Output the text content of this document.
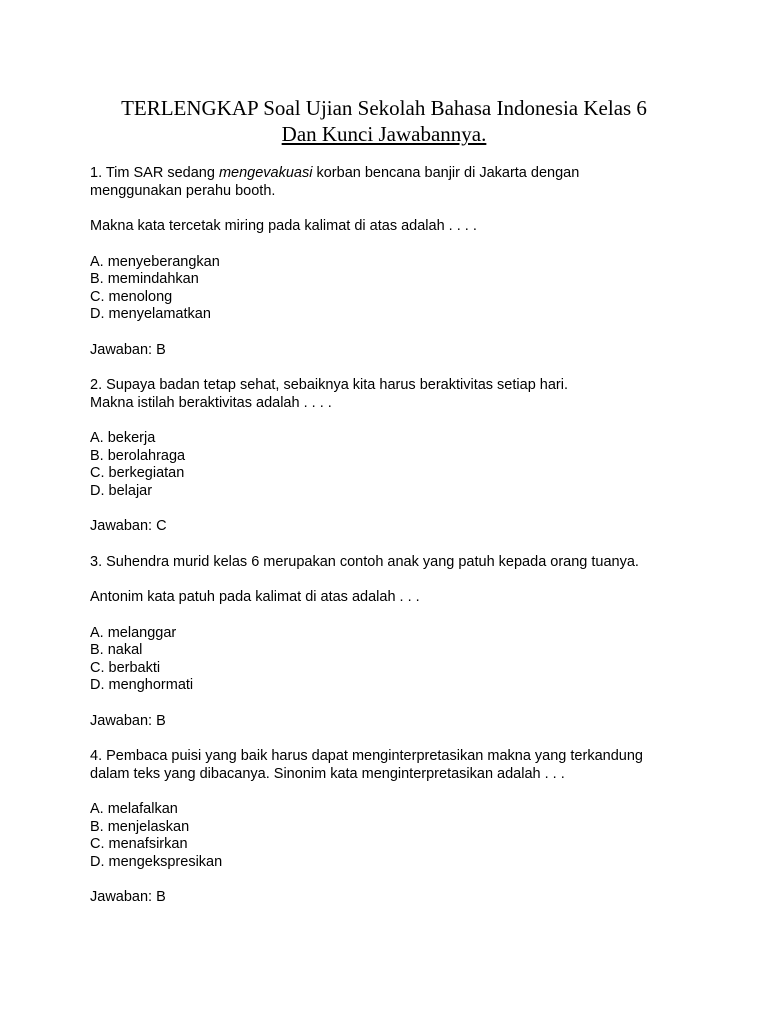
TERLENGKAP Soal Ujian Sekolah Bahasa Indonesia Kelas 6
Dan Kunci Jawabannya.

1. Tim SAR sedang mengevakuasi korban bencana banjir di Jakarta dengan
menggunakan perahu booth.

Makna kata tercetak miring pada kalimat di atas adalah . . . .

A. menyeberangkan

B. memindahkan

C. menolong

D. menyelamatkan

Jawaban: B

2. Supaya badan tetap sehat, sebaiknya kita harus beraktivitas setiap hari.

Makna istilah beraktivitas adalah . . . .

A. bekerja

B. berolahraga

C. berkegiatan

D. belajar

Jawaban: C

3. Suhendra murid kelas 6 merupakan contoh anak yang patuh kepada orang tuanya.

Antonim kata patuh pada kalimat di atas adalah . . .

A. melanggar

B. nakal

C. berbakti

D. menghormati

Jawaban: B

4. Pembaca puisi yang baik harus dapat menginterpretasikan makna yang terkandung
dalam teks yang dibacanya. Sinonim kata menginterpretasikan adalah . . .

A. melafalkan

B. menjelaskan

C. menafsirkan

D. mengekspresikan

Jawaban: B
